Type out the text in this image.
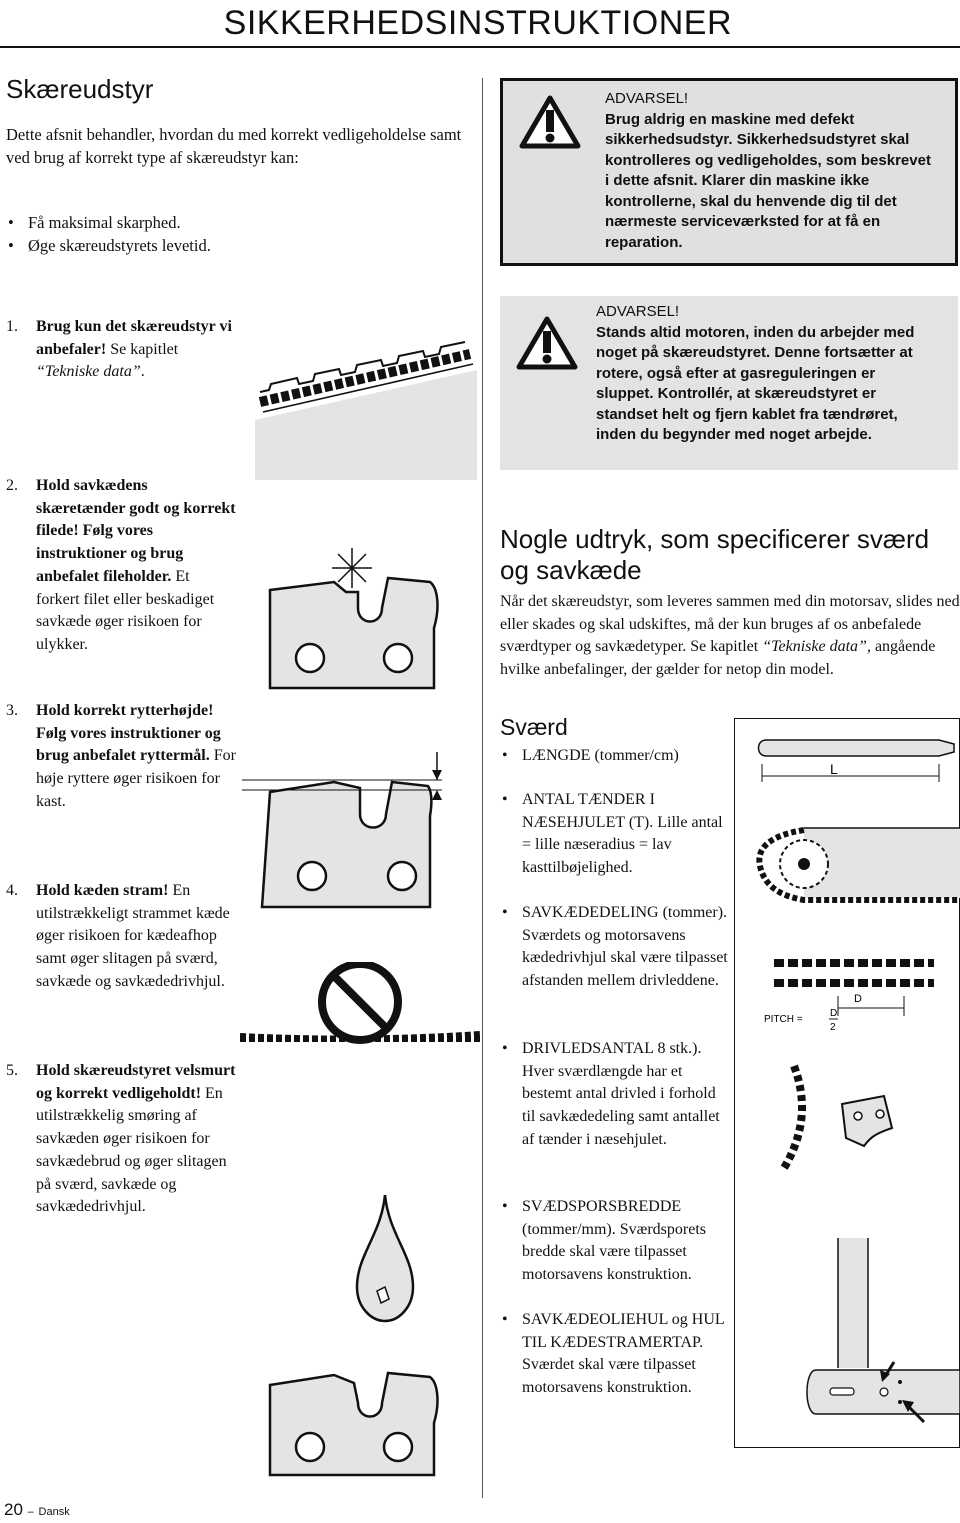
SIKKERHEDSINSTRUKTIONER
Skæreudstyr
Dette afsnit behandler, hvordan du med korrekt vedligeholdelse samt ved brug af korrekt type af skæreudstyr kan:
• Få maksimal skarphed.
• Øge skæreudstyrets levetid.
ADVARSEL!
Brug aldrig en maskine med defekt sikkerhedsudstyr. Sikkerhedsudstyret skal kontrolleres og vedligeholdes, som beskrevet i dette afsnit. Klarer din maskine ikke kontrollerne, skal du henvende dig til det nærmeste serviceværksted for at få en reparation.
ADVARSEL!
Stands altid motoren, inden du arbejder med noget på skæreudstyret. Denne fortsætter at rotere, også efter at gasreguleringen er sluppet. Kontrollér, at skæreudstyret er standset helt og fjern kablet fra tændrøret, inden du begynder med noget arbejde.
1. Brug kun det skæreudstyr vi anbefaler! Se kapitlet “Tekniske data”.
2. Hold savkædens skæretænder godt og korrekt filede! Følg vores instruktioner og brug anbefalet fileholder. Et forkert filet eller beskadiget savkæde øger risikoen for ulykker.
3. Hold korrekt rytterhøjde! Følg vores instruktioner og brug anbefalet ryttermål. For høje ryttere øger risikoen for kast.
4. Hold kæden stram! En utilstrækkeligt strammet kæde øger risikoen for kædeafhop samt øger slitagen på sværd, savkæde og savkædedrivhjul.
5. Hold skæreudstyret velsmurt og korrekt vedligeholdt! En utilstrækkelig smøring af savkæden øger risikoen for savkædebrud og øger slitagen på sværd, savkæde og savkædedrivhjul.
Nogle udtryk, som specificerer sværd og savkæde
Når det skæreudstyr, som leveres sammen med din motorsav, slides ned eller skades og skal udskiftes, må der kun bruges af os anbefalede sværdtyper og savkædetyper. Se kapitlet “Tekniske data”, angående hvilke anbefalinger, der gælder for netop din model.
Sværd
• LÆNGDE (tommer/cm)
• ANTAL TÆNDER I NÆSEHJULET (T). Lille antal = lille næseradius = lav kasttilbøjelighed.
• SAVKÆDEDELING (tommer). Sværdets og motorsavens kædedrivhjul skal være tilpasset afstanden mellem drivleddene.
• DRIVLEDSANTAL 8 stk.). Hver sværdlængde har et bestemt antal drivled i forhold til savkædedeling samt antallet af tænder i næsehjulet.
• SVÆDSPORSBREDDE (tommer/mm). Sværdsporets bredde skal være tilpasset motorsavens konstruktion.
• SAVKÆDEOLIEHUL og HUL TIL KÆDESTRAMERTAP. Sværdet skal være tilpasset motorsavens konstruktion.
L
D
PITCH =
D
2
20 – Dansk
